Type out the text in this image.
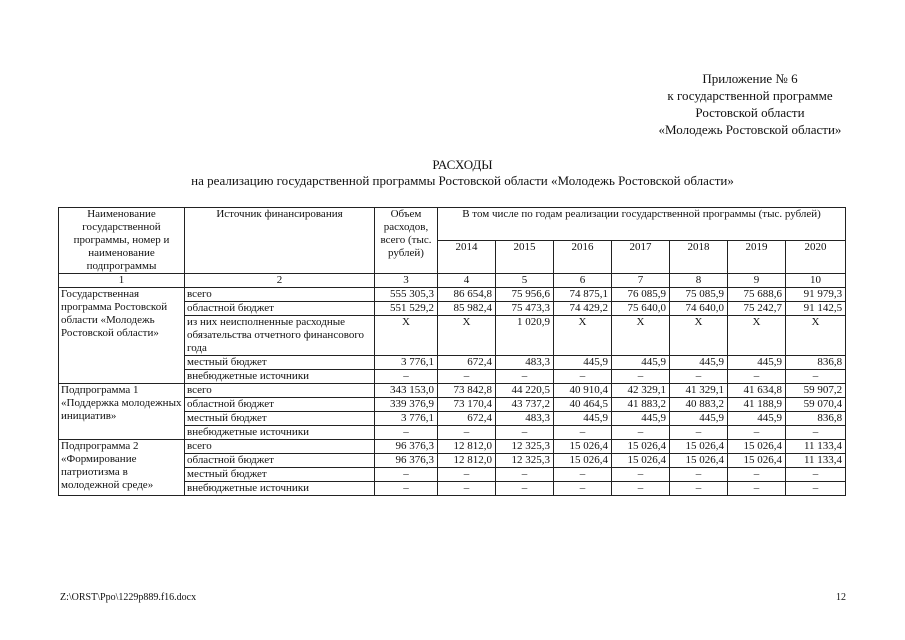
Приложение № 6
к государственной программе
Ростовской области
«Молодежь Ростовской области»
РАСХОДЫ
на реализацию государственной программы Ростовской области «Молодежь Ростовской области»
Наименование государственной программы, номер и наименование подпрограммы	Источник финансирования	Объем расходов, всего (тыс. рублей)	В том числе по годам реализации государственной программы (тыс. рублей)						
			2014	2015	2016	2017	2018	2019	2020
1	2	3	4	5	6	7	8	9	10
Государственная программа Ростовской области «Молодежь Ростовской области»	всего	555 305,3	86 654,8	75 956,6	74 875,1	76 085,9	75 085,9	75 688,6	91 979,3
	областной бюджет	551 529,2	85 982,4	75 473,3	74 429,2	75 640,0	74 640,0	75 242,7	91 142,5
	из них неисполненные расходные обязательства отчетного финансового года	Х	Х	1 020,9	Х	Х	Х	Х	Х
	местный бюджет	3 776,1	672,4	483,3	445,9	445,9	445,9	445,9	836,8
	внебюджетные источники	–	–	–	–	–	–	–	–
Подпрограмма 1 «Поддержка молодежных инициатив»	всего	343 153,0	73 842,8	44 220,5	40 910,4	42 329,1	41 329,1	41 634,8	59 907,2
	областной бюджет	339 376,9	73 170,4	43 737,2	40 464,5	41 883,2	40 883,2	41 188,9	59 070,4
	местный бюджет	3 776,1	672,4	483,3	445,9	445,9	445,9	445,9	836,8
	внебюджетные источники	–	–	–	–	–	–	–	–
Подпрограмма 2 «Формирование патриотизма в молодежной среде»	всего	96 376,3	12 812,0	12 325,3	15 026,4	15 026,4	15 026,4	15 026,4	11 133,4
	областной бюджет	96 376,3	12 812,0	12 325,3	15 026,4	15 026,4	15 026,4	15 026,4	11 133,4
	местный бюджет	–	–	–	–	–	–	–	–
	внебюджетные источники	–	–	–	–	–	–	–	–
Z:\ORST\Ppo\1229p889.f16.docx	12
